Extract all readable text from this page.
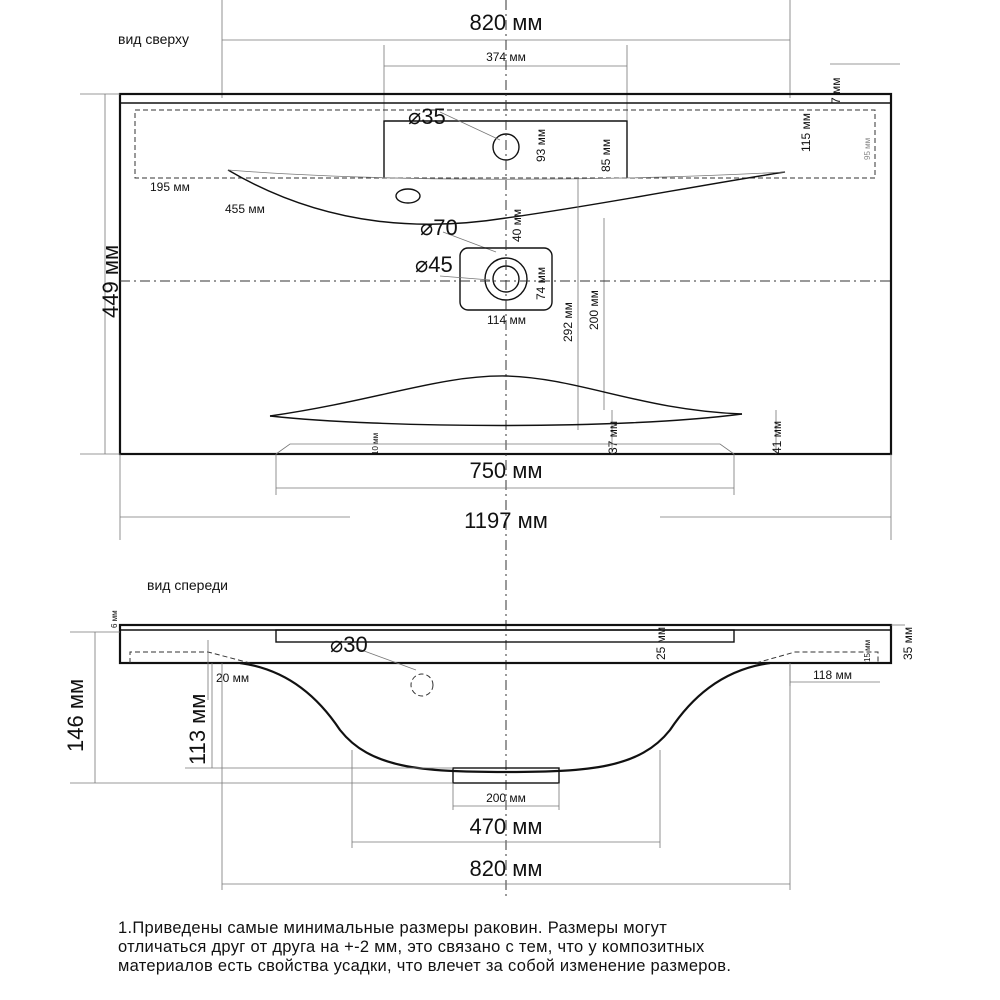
вид сверху
820 мм
374 мм
7 мм
⌀35
93 мм	85 мм
115 мм	95 мм
195 мм
455 мм
⌀70	40 мм
⌀45
74 мм
114 мм	292 мм 200 мм
449 мм
10 мм	37 мм	41 мм
750 мм
1197 мм
вид спереди
6 мм
35 мм
15 мм
25 мм
⌀30
20 мм	118 мм
146 мм	113 мм
200 мм
470 мм
820 мм
1.Приведены самые минимальные размеры раковин. Размеры могут
отличаться друг от друга на +-2 мм, это связано с тем, что у композитных
материалов есть свойства усадки, что влечет за собой изменение размеров.
